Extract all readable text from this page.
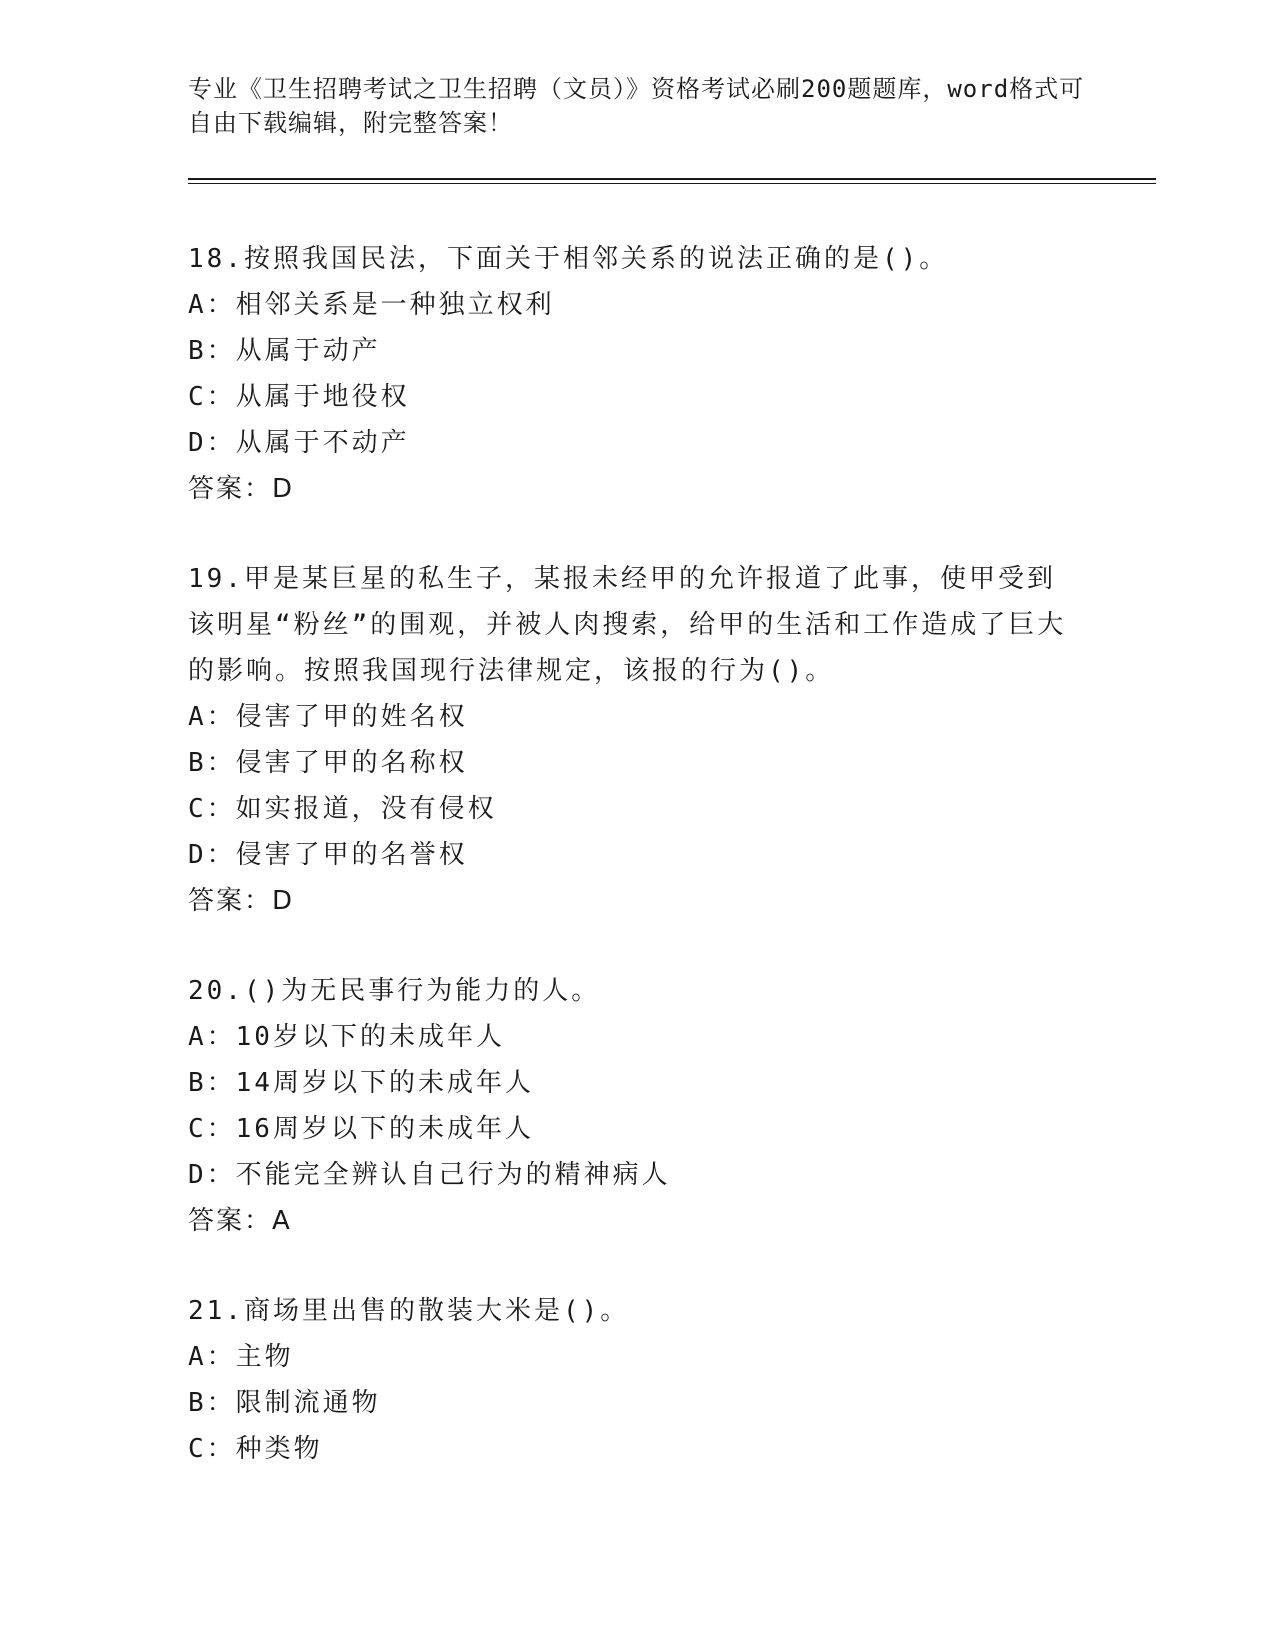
专业《卫生招聘考试之卫生招聘（文员）》资格考试必刷200题题库，word格式可自由下载编辑，附完整答案！
18.按照我国民法，下面关于相邻关系的说法正确的是()。
A：相邻关系是一种独立权利
B：从属于动产
C：从属于地役权
D：从属于不动产
答案：D
19.甲是某巨星的私生子，某报未经甲的允许报道了此事，使甲受到该明星“粉丝”的围观，并被人肉搜索，给甲的生活和工作造成了巨大的影响。按照我国现行法律规定，该报的行为()。
A：侵害了甲的姓名权
B：侵害了甲的名称权
C：如实报道，没有侵权
D：侵害了甲的名誉权
答案：D
20.()为无民事行为能力的人。
A：10岁以下的未成年人
B：14周岁以下的未成年人
C：16周岁以下的未成年人
D：不能完全辨认自己行为的精神病人
答案：A
21.商场里出售的散装大米是()。
A：主物
B：限制流通物
C：种类物
